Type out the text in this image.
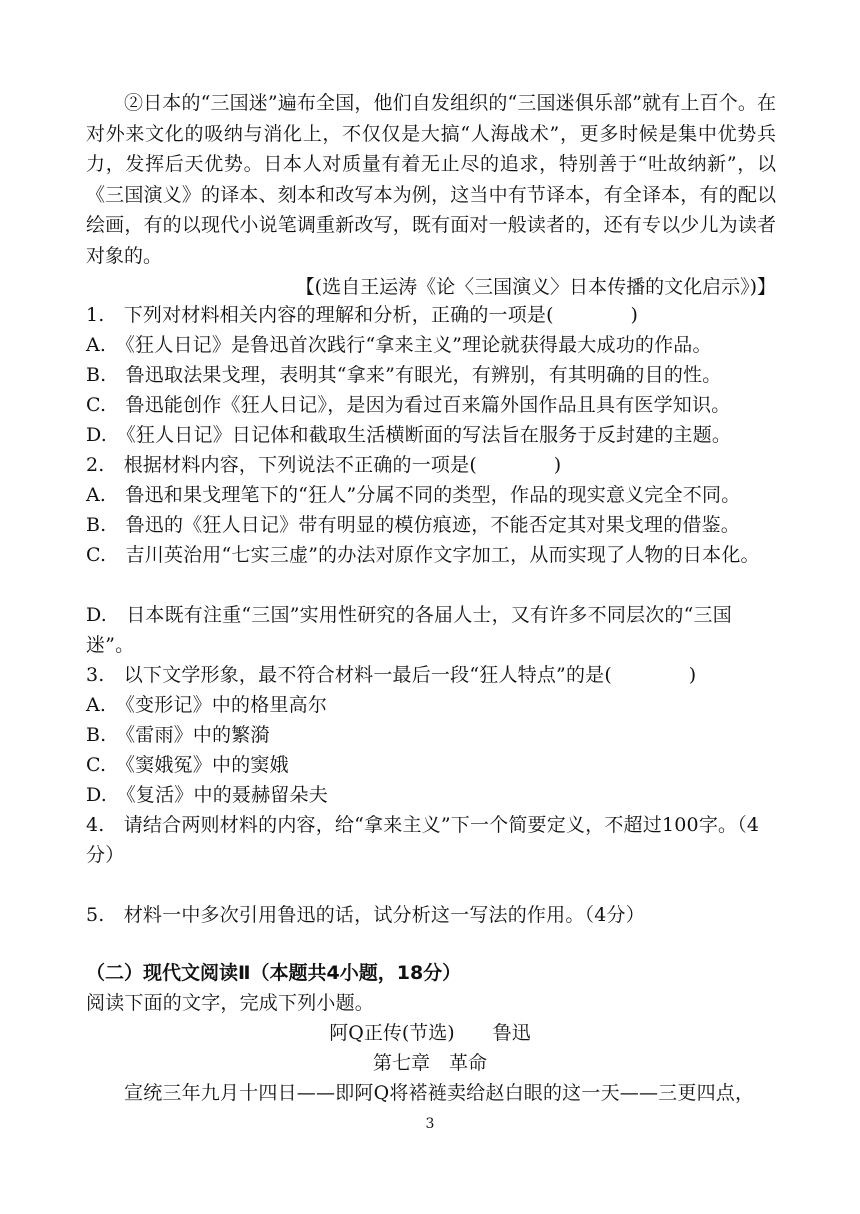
②日本的“三国迷”遍布全国，他们自发组织的“三国迷俱乐部”就有上百个。在对外来文化的吸纳与消化上，不仅仅是大搞“人海战术”，更多时候是集中优势兵力，发挥后天优势。日本人对质量有着无止尽的追求，特别善于“吐故纳新”，以《三国演义》的译本、刻本和改写本为例，这当中有节译本，有全译本，有的配以绘画，有的以现代小说笔调重新改写，既有面对一般读者的，还有专以少儿为读者对象的。
【(选自王运涛《论〈三国演义〉日本传播的文化启示》)】
1.　下列对材料相关内容的理解和分析，正确的一项是(　　　　)
A.　《狂人日记》是鲁迅首次践行“拿来主义”理论就获得最大成功的作品。
B.　鲁迅取法果戈理，表明其“拿来”有眼光，有辨别，有其明确的目的性。
C.　鲁迅能创作《狂人日记》，是因为看过百来篇外国作品且具有医学知识。
D.　《狂人日记》日记体和截取生活横断面的写法旨在服务于反封建的主题。
2.　根据材料内容，下列说法不正确的一项是(　　　　)
A.　鲁迅和果戈理笔下的“狂人”分属不同的类型，作品的现实意义完全不同。
B.　鲁迅的《狂人日记》带有明显的模仿痕迹，不能否定其对果戈理的借鉴。
C.　吉川英治用“七实三虚”的办法对原作文字加工，从而实现了人物的日本化。
D.　日本既有注重“三国”实用性研究的各届人士，又有许多不同层次的“三国迷”。
3.　以下文学形象，最不符合材料一最后一段“狂人特点”的是(　　　　)
A.　《变形记》中的格里高尔
B.　《雷雨》中的繁漪
C.　《窦娥冤》中的窦娥
D.　《复活》中的聂赫留朵夫
4.　请结合两则材料的内容，给“拿来主义”下一个简要定义，不超过100字。（4分）
5.　材料一中多次引用鲁迅的话，试分析这一写法的作用。（4分）
（二）现代文阅读Ⅱ（本题共4小题，18分）
阅读下面的文字，完成下列小题。
阿Q正传(节选)　　鲁迅
第七章　革命
宣统三年九月十四日——即阿Q将褡裢卖给赵白眼的这一天——三更四点，
3
